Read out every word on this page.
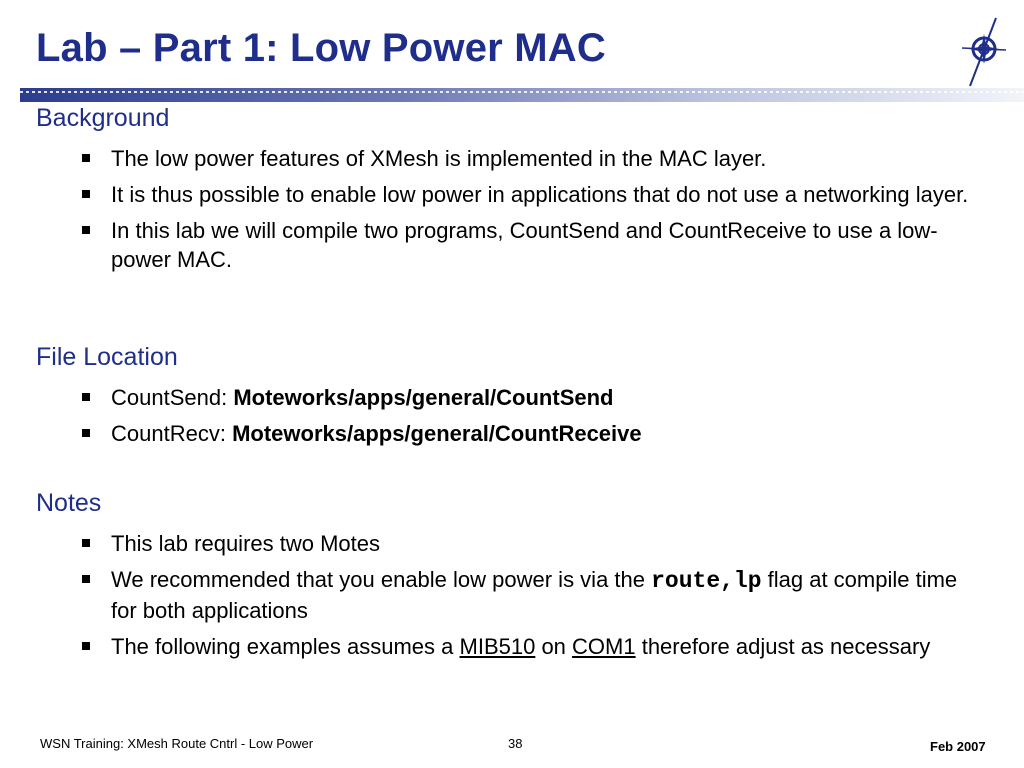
Lab – Part 1: Low Power MAC
Background
The low power features of XMesh is implemented in the MAC layer.
It is thus possible to enable low power in applications that do not use a networking layer.
In this lab we will compile two programs, CountSend and CountReceive to use a low-power MAC.
File Location
CountSend: Moteworks/apps/general/CountSend
CountRecv: Moteworks/apps/general/CountReceive
Notes
This lab requires two Motes
We recommended that you enable low power is via the route,lp flag at compile time for both applications
The following examples assumes a MIB510 on COM1 therefore adjust as necessary
WSN Training: XMesh Route Cntrl - Low Power	38	Feb 2007
